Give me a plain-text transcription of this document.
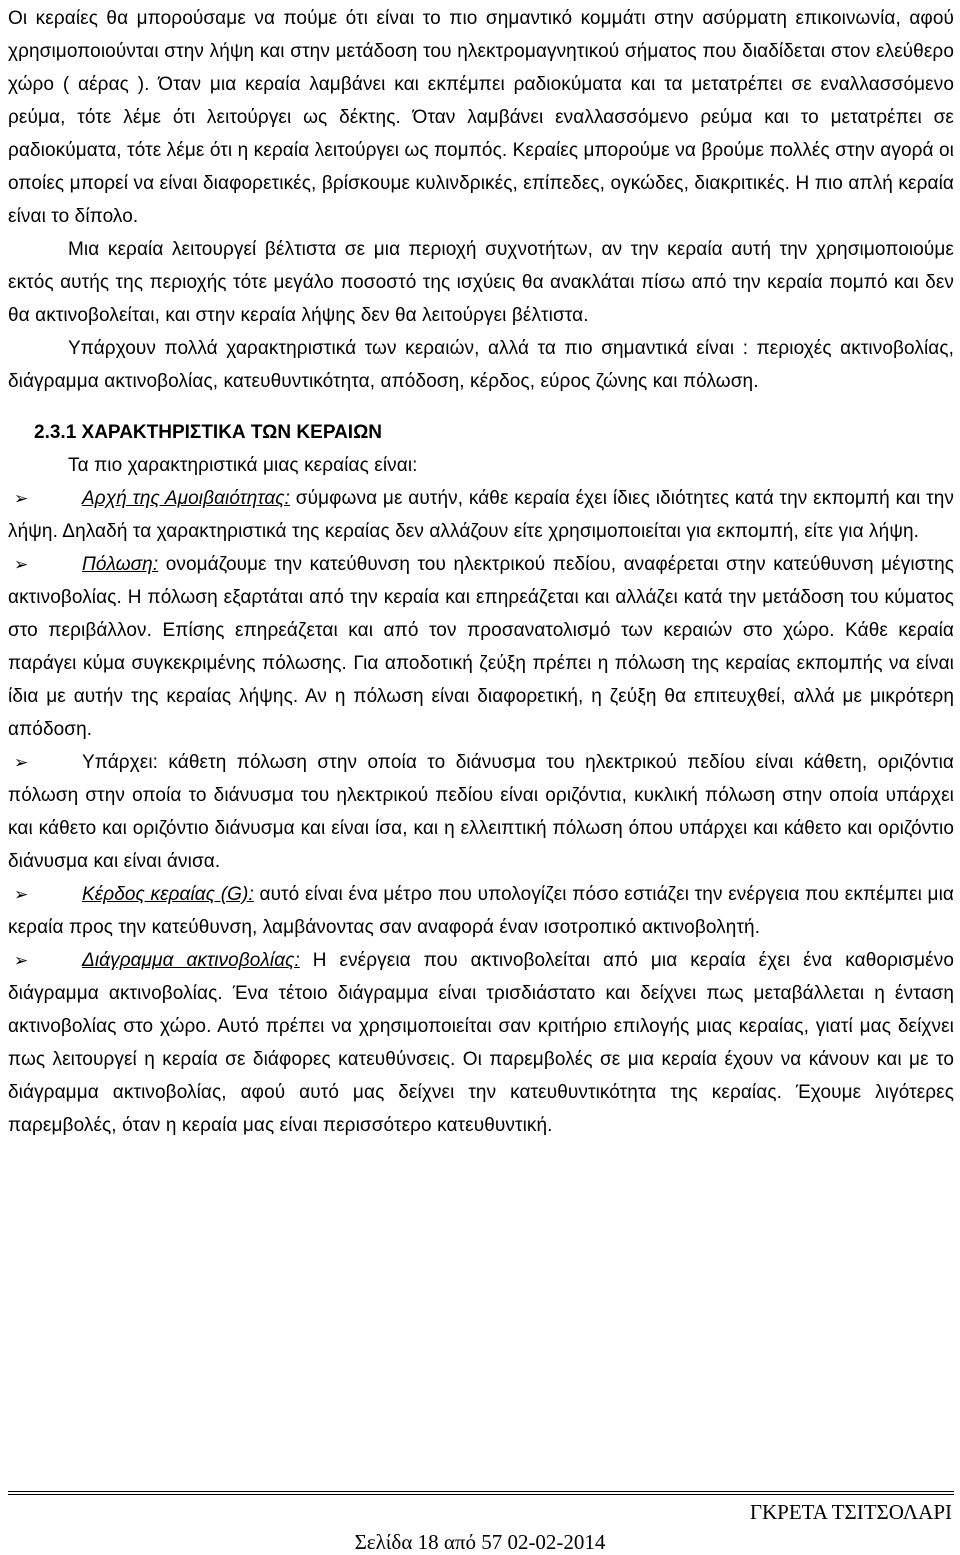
Οι κεραίες θα μπορούσαμε να πούμε ότι είναι το πιο σημαντικό κομμάτι στην ασύρματη επικοινωνία, αφού χρησιμοποιούνται στην λήψη και στην μετάδοση του ηλεκτρομαγνητικού σήματος που διαδίδεται στον ελεύθερο χώρο ( αέρας ). Όταν μια κεραία λαμβάνει και εκπέμπει ραδιοκύματα και τα μετατρέπει σε εναλλασσόμενο ρεύμα, τότε λέμε ότι λειτούργει ως δέκτης. Όταν λαμβάνει εναλλασσόμενο ρεύμα και το μετατρέπει σε ραδιοκύματα, τότε λέμε ότι η κεραία λειτούργει ως πομπός. Κεραίες μπορούμε να βρούμε πολλές στην αγορά οι οποίες μπορεί να είναι διαφορετικές, βρίσκουμε κυλινδρικές, επίπεδες, ογκώδες, διακριτικές. Η πιο απλή κεραία είναι το δίπολο.

Μια κεραία λειτουργεί βέλτιστα σε μια περιοχή συχνοτήτων, αν την κεραία αυτή την χρησιμοποιούμε εκτός αυτής της περιοχής τότε μεγάλο ποσοστό της ισχύεις θα ανακλάται πίσω από την κεραία πομπό και δεν θα ακτινοβολείται, και στην κεραία λήψης δεν θα λειτούργει βέλτιστα.

Υπάρχουν πολλά χαρακτηριστικά των κεραιών, αλλά τα πιο σημαντικά είναι : περιοχές ακτινοβολίας, διάγραμμα ακτινοβολίας, κατευθυντικότητα, απόδοση, κέρδος, εύρος ζώνης και πόλωση.

2.3.1 ΧΑΡΑΚΤΗΡΙΣΤΙΚΑ ΤΩΝ ΚΕΡΑΙΩΝ

Τα πιο χαρακτηριστικά μιας κεραίας είναι:

➢	Αρχή της Αμοιβαιότητας: σύμφωνα με αυτήν, κάθε κεραία έχει ίδιες ιδιότητες κατά την εκπομπή και την λήψη. Δηλαδή τα χαρακτηριστικά της κεραίας δεν αλλάζουν είτε χρησιμοποιείται για εκπομπή, είτε για λήψη.

➢	Πόλωση: ονομάζουμε την κατεύθυνση του ηλεκτρικού πεδίου, αναφέρεται στην κατεύθυνση μέγιστης ακτινοβολίας. Η πόλωση εξαρτάται από την κεραία και επηρεάζεται και αλλάζει κατά την μετάδοση του κύματος στο περιβάλλον. Επίσης επηρεάζεται και από τον προσανατολισμό των κεραιών στο χώρο. Κάθε κεραία παράγει κύμα συγκεκριμένης πόλωσης. Για αποδοτική ζεύξη πρέπει η πόλωση της κεραίας εκπομπής να είναι ίδια με αυτήν της κεραίας λήψης. Αν η πόλωση είναι διαφορετική, η ζεύξη θα επιτευχθεί, αλλά με μικρότερη απόδοση.

➢	Υπάρχει: κάθετη πόλωση στην οποία το διάνυσμα του ηλεκτρικού πεδίου είναι κάθετη, οριζόντια πόλωση στην οποία το διάνυσμα του ηλεκτρικού πεδίου είναι οριζόντια, κυκλική πόλωση στην οποία υπάρχει και κάθετο και οριζόντιο διάνυσμα και είναι ίσα, και η ελλειπτική πόλωση όπου υπάρχει και κάθετο και οριζόντιο διάνυσμα και είναι άνισα.

➢	Κέρδος κεραίας (G): αυτό είναι ένα μέτρο που υπολογίζει πόσο εστιάζει την ενέργεια που εκπέμπει μια κεραία προς την κατεύθυνση, λαμβάνοντας σαν αναφορά έναν ισοτροπικό ακτινοβολητή.

➢	Διάγραμμα ακτινοβολίας: Η ενέργεια που ακτινοβολείται από μια κεραία έχει ένα καθορισμένο διάγραμμα ακτινοβολίας. Ένα τέτοιο διάγραμμα είναι τρισδιάστατο και δείχνει πως μεταβάλλεται η ένταση ακτινοβολίας στο χώρο. Αυτό πρέπει να χρησιμοποιείται σαν κριτήριο επιλογής μιας κεραίας, γιατί μας δείχνει πως λειτουργεί η κεραία σε διάφορες κατευθύνσεις. Οι παρεμβολές σε μια κεραία έχουν να κάνουν και με το διάγραμμα ακτινοβολίας, αφού αυτό μας δείχνει την κατευθυντικότητα της κεραίας. Έχουμε λιγότερες παρεμβολές, όταν η κεραία μας είναι περισσότερο κατευθυντική.

ΓΚΡΕΤΑ ΤΣΙΤΣΟΛΑΡΙ
Σελίδα 18 από 57 02-02-2014
